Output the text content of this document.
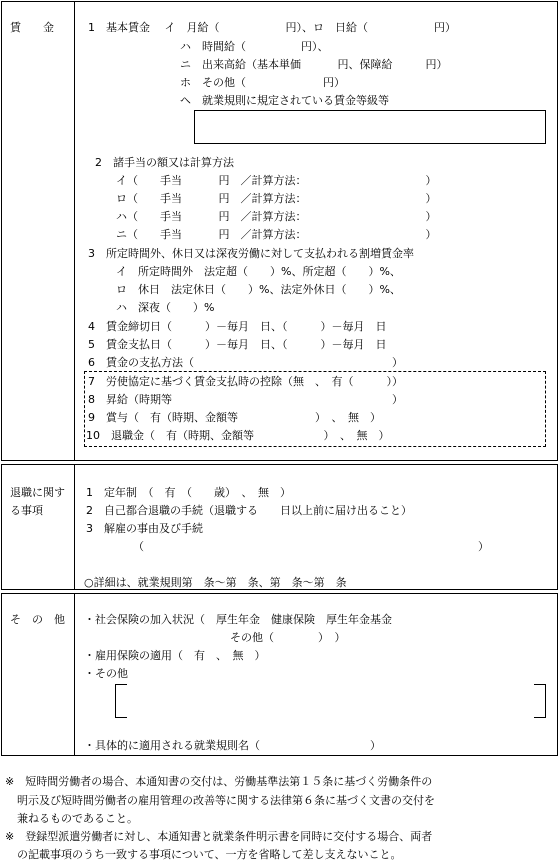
賃　　金	1　基本賃金　 イ　月給（　　　　　　円）、ロ　日給（　　　　　　円）
ハ　時間給（　　　　　円）、
ニ　出来高給（基本単価　　　 円、保障給　　　円）
ホ　その他（　　　　　　　円）
ヘ　就業規則に規定されている賃金等級等
2　諸手当の額又は計算方法
イ（　　手当　　　 円　／計算方法：　　　　　　　　　　　 ）
ロ（　　手当　　　 円　／計算方法：　　　　　　　　　　　 ）
ハ（　　手当　　　 円　／計算方法：　　　　　　　　　　　 ）
ニ（　　手当　　　 円　／計算方法：　　　　　　　　　　　 ）
3　所定時間外、休日又は深夜労働に対して支払われる割増賃金率
イ　所定時間外　法定超（　　）%、所定超（　　）%、
ロ　休日　法定休日（　　）%、法定外休日（　　）%、
ハ　深夜（　　）%
4　賃金締切日（　　　）－毎月　日、（　　　）－毎月　日
5　賃金支払日（　　　）－毎月　日、（　　　）－毎月　日
6　賃金の支払方法（　　　　　　　　　　　　　　　　　　）
7　労使協定に基づく賃金支払時の控除（無　、　有（　　　））
8　昇給（時期等　　　　　　　　　　　　　　　　　　　　）
9　賞与（　有（時期、金額等　　　　　　　）　、　無　）
10　退職金（　有（時期、金額等　　　　　　 ）　、　無　）
退職に関す
る事項
1　定年制　（　有　（　　歳）　、　無　）
2　自己都合退職の手続（退職する　　日以上前に届け出ること）
3　解雇の事由及び手続
（	）
○詳細は、就業規則第　条～第　条、第　条～第　条
そ　の　他 ・社会保険の加入状況（　厚生年金　健康保険　厚生年金基金
その他（　　　　）　）
・雇用保険の適用（　有　、　無　）
・その他
・具体的に適用される就業規則名（　　　　　　　　　　）
※　短時間労働者の場合、本通知書の交付は、労働基準法第１５条に基づく労働条件の
明示及び短時間労働者の雇用管理の改善等に関する法律第６条に基づく文書の交付を
兼ねるものであること。
※　登録型派遣労働者に対し、本通知書と就業条件明示書を同時に交付する場合、両者
の記載事項のうち一致する事項について、一方を省略して差し支えないこと。
